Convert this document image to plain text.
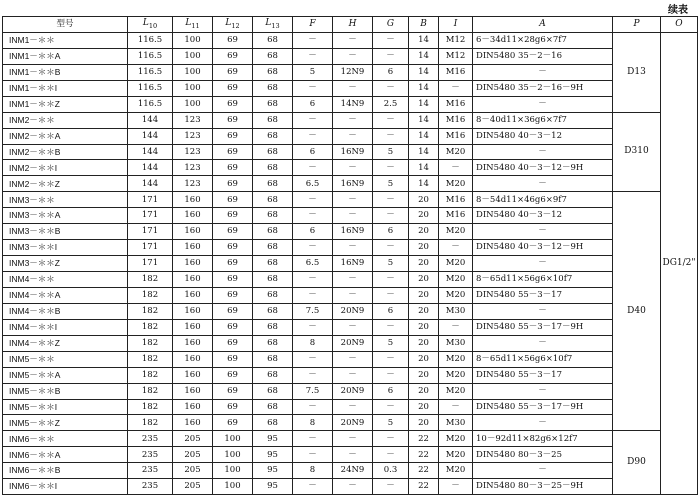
续表
型号	$L_{10}$	$L_{11}$	$L_{12}$	$L_{13}$	F	H	G	B	I	A	P	O
INM1－＊＊	116.5	100	69	68	－	－	－	14	M12	6－34d11×28g6×7f7	D13	DG1/2"
INM1－＊＊A	116.5	100	69	68	－	－	－	14	M12	DIN5480 35－2－16		
INM1－＊＊B	116.5	100	69	68	5	12N9	6	14	M16	－		
INM1－＊＊I	116.5	100	69	68	－	－	－	14	－	DIN5480 35－2－16－9H		
INM1－＊＊Z	116.5	100	69	68	6	14N9	2.5	14	M16	－		
INM2－＊＊	144	123	69	68	－	－	－	14	M16	8－40d11×36g6×7f7	D310	
INM2－＊＊A	144	123	69	68	－	－	－	14	M16	DIN5480 40－3－12		
INM2－＊＊B	144	123	69	68	6	16N9	5	14	M20	－		
INM2－＊＊I	144	123	69	68	－	－	－	14	－	DIN5480 40－3－12－9H		
INM2－＊＊Z	144	123	69	68	6.5	16N9	5	14	M20	－		
INM3－＊＊	171	160	69	68	－	－	－	20	M16	8－54d11×46g6×9f7	D40	
INM3－＊＊A	171	160	69	68	－	－	－	20	M16	DIN5480 40－3－12		
INM3－＊＊B	171	160	69	68	6	16N9	6	20	M20	－		
INM3－＊＊I	171	160	69	68	－	－	－	20	－	DIN5480 40－3－12－9H		
INM3－＊＊Z	171	160	69	68	6.5	16N9	5	20	M20	－		
INM4－＊＊	182	160	69	68	－	－	－	20	M20	8－65d11×56g6×10f7		
INM4－＊＊A	182	160	69	68	－	－	－	20	M20	DIN5480 55－3－17		
INM4－＊＊B	182	160	69	68	7.5	20N9	6	20	M30	－		
INM4－＊＊I	182	160	69	68	－	－	－	20	－	DIN5480 55－3－17－9H		
INM4－＊＊Z	182	160	69	68	8	20N9	5	20	M30	－		
INM5－＊＊	182	160	69	68	－	－	－	20	M20	8－65d11×56g6×10f7		
INM5－＊＊A	182	160	69	68	－	－	－	20	M20	DIN5480 55－3－17		
INM5－＊＊B	182	160	69	68	7.5	20N9	6	20	M20	－		
INM5－＊＊I	182	160	69	68	－	－	－	20	－	DIN5480 55－3－17－9H		
INM5－＊＊Z	182	160	69	68	8	20N9	5	20	M30	－		
INM6－＊＊	235	205	100	95	－	－	－	22	M20	10－92d11×82g6×12f7	D90	
INM6－＊＊A	235	205	100	95	－	－	－	22	M20	DIN5480 80－3－25		
INM6－＊＊B	235	205	100	95	8	24N9	0.3	22	M20	－		
INM6－＊＊I	235	205	100	95	－	－	－	22	－	DIN5480 80－3－25－9H		
